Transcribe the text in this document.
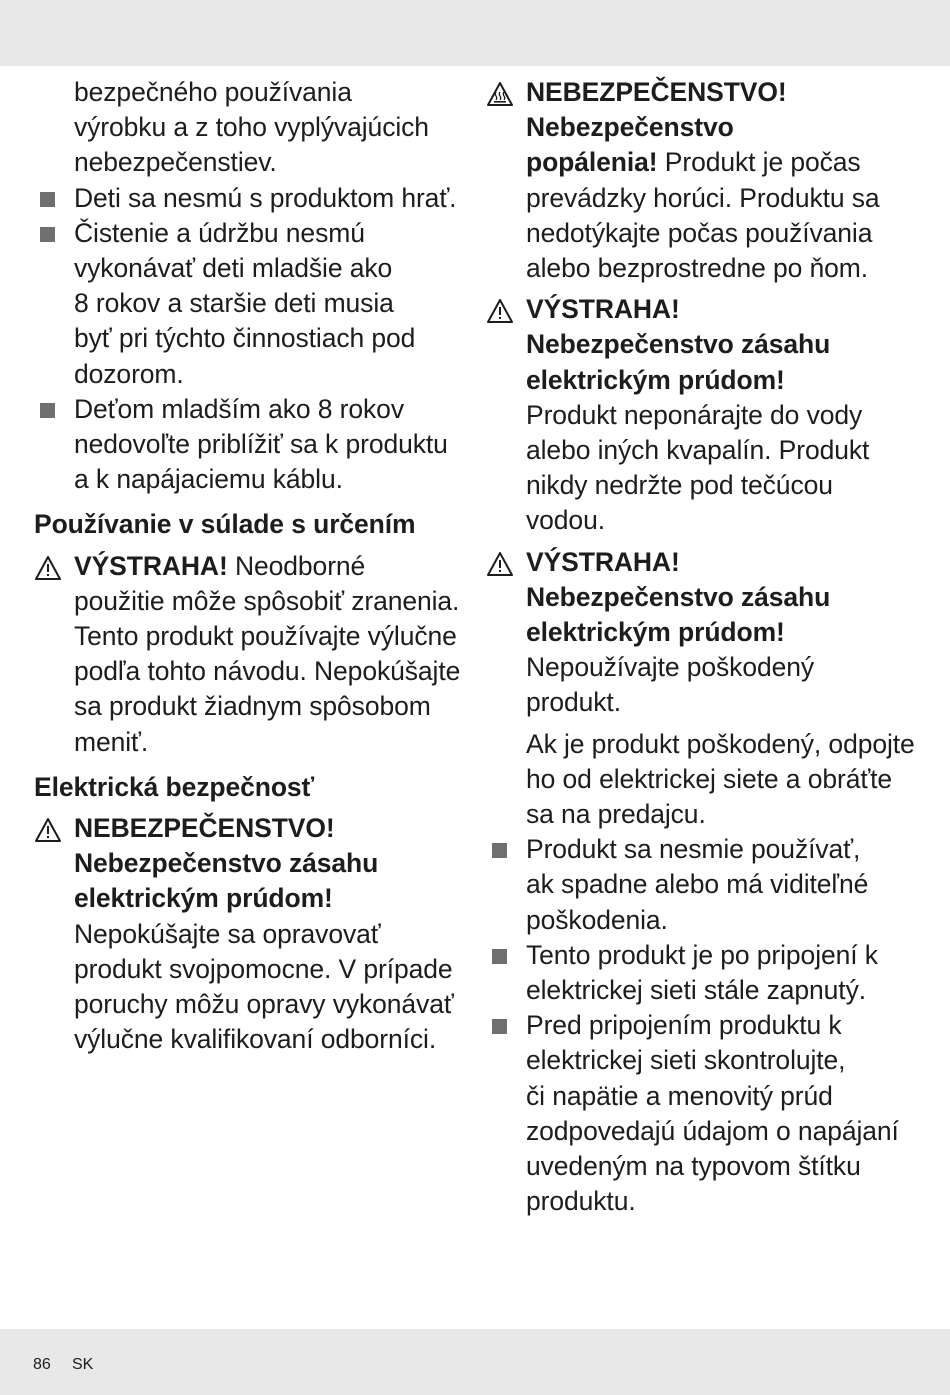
bezpečného používania
výrobku a z toho vyplývajúcich
nebezpečenstiev.

Deti sa nesmú s produktom hrať.
Čistenie a údržbu nesmú
vykonávať deti mladšie ako
8 rokov a staršie deti musia
byť pri týchto činnostiach pod
dozorom.
Deťom mladším ako 8 rokov
nedovoľte priblížiť sa k produktu
a k napájaciemu káblu.

Používanie v súlade s určením

VÝSTRAHA! Neodborné
použitie môže spôsobiť zranenia.
Tento produkt používajte výlučne
podľa tohto návodu. Nepokúšajte
sa produkt žiadnym spôsobom
meniť.

Elektrická bezpečnosť

NEBEZPEČENSTVO!
Nebezpečenstvo zásahu
elektrickým prúdom!
Nepokúšajte sa opravovať
produkt svojpomocne. V prípade
poruchy môžu opravy vykonávať
výlučne kvalifikovaní odborníci.
NEBEZPEČENSTVO!
Nebezpečenstvo
popálenia! Produkt je počas
prevádzky horúci. Produktu sa
nedotýkajte počas používania
alebo bezprostredne po ňom.
VÝSTRAHA!
Nebezpečenstvo zásahu
elektrickým prúdom!
Produkt neponárajte do vody
alebo iných kvapalín. Produkt
nikdy nedržte pod tečúcou
vodou.
VÝSTRAHA!
Nebezpečenstvo zásahu
elektrickým prúdom!
Nepoužívajte poškodený
produkt.

Ak je produkt poškodený, odpojte
ho od elektrickej siete a obráťte
sa na predajcu.

Produkt sa nesmie používať,
ak spadne alebo má viditeľné
poškodenia.
Tento produkt je po pripojení k
elektrickej sieti stále zapnutý.
Pred pripojením produktu k
elektrickej sieti skontrolujte,
či napätie a menovitý prúd
zodpovedajú údajom o napájaní
uvedeným na typovom štítku
produktu.
86 SK
